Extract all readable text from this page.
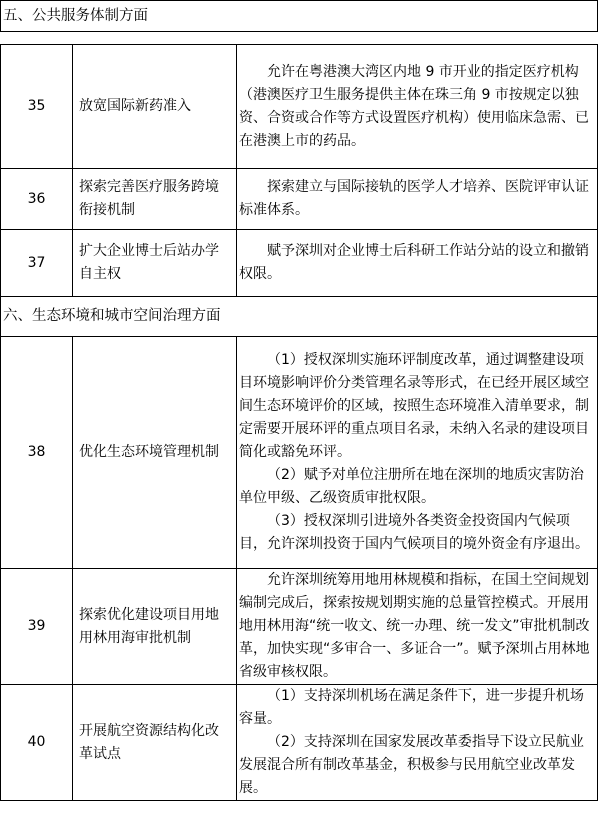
五、公共服务体制方面		

35	放宽国际新药准入	允许在粤港澳大湾区内地 9 市开业的指定医疗机构（港澳医疗卫生服务提供主体在珠三角 9 市按规定以独资、合资或合作等方式设置医疗机构）使用临床急需、已在港澳上市的药品。

36	探索完善医疗服务跨境衔接机制	探索建立与国际接轨的医学人才培养、医院评审认证标准体系。

37	扩大企业博士后站办学自主权	赋予深圳对企业博士后科研工作站分站的设立和撤销权限。

六、生态环境和城市空间治理方面		
38	优化生态环境管理机制	（1）授权深圳实施环评制度改革，通过调整建设项目环境影响评价分类管理名录等形式，在已经开展区域空间生态环境评价的区域，按照生态环境准入清单要求，制定需要开展环评的重点项目名录，未纳入名录的建设项目简化或豁免环评。

（2）赋予对单位注册所在地在深圳的地质灾害防治单位甲级、乙级资质审批权限。

（3）授权深圳引进境外各类资金投资国内气候项目，允许深圳投资于国内气候项目的境外资金有序退出。

39	探索优化建设项目用地用林用海审批机制	允许深圳统筹用地用林规模和指标，在国土空间规划编制完成后，探索按规划期实施的总量管控模式。开展用地用林用海“统一收文、统一办理、统一发文”审批机制改革，加快实现“多审合一、多证合一”。赋予深圳占用林地省级审核权限。

40	开展航空资源结构化改革试点	（1）支持深圳机场在满足条件下，进一步提升机场容量。

（2）支持深圳在国家发展改革委指导下设立民航业发展混合所有制改革基金，积极参与民用航空业改革发展。
